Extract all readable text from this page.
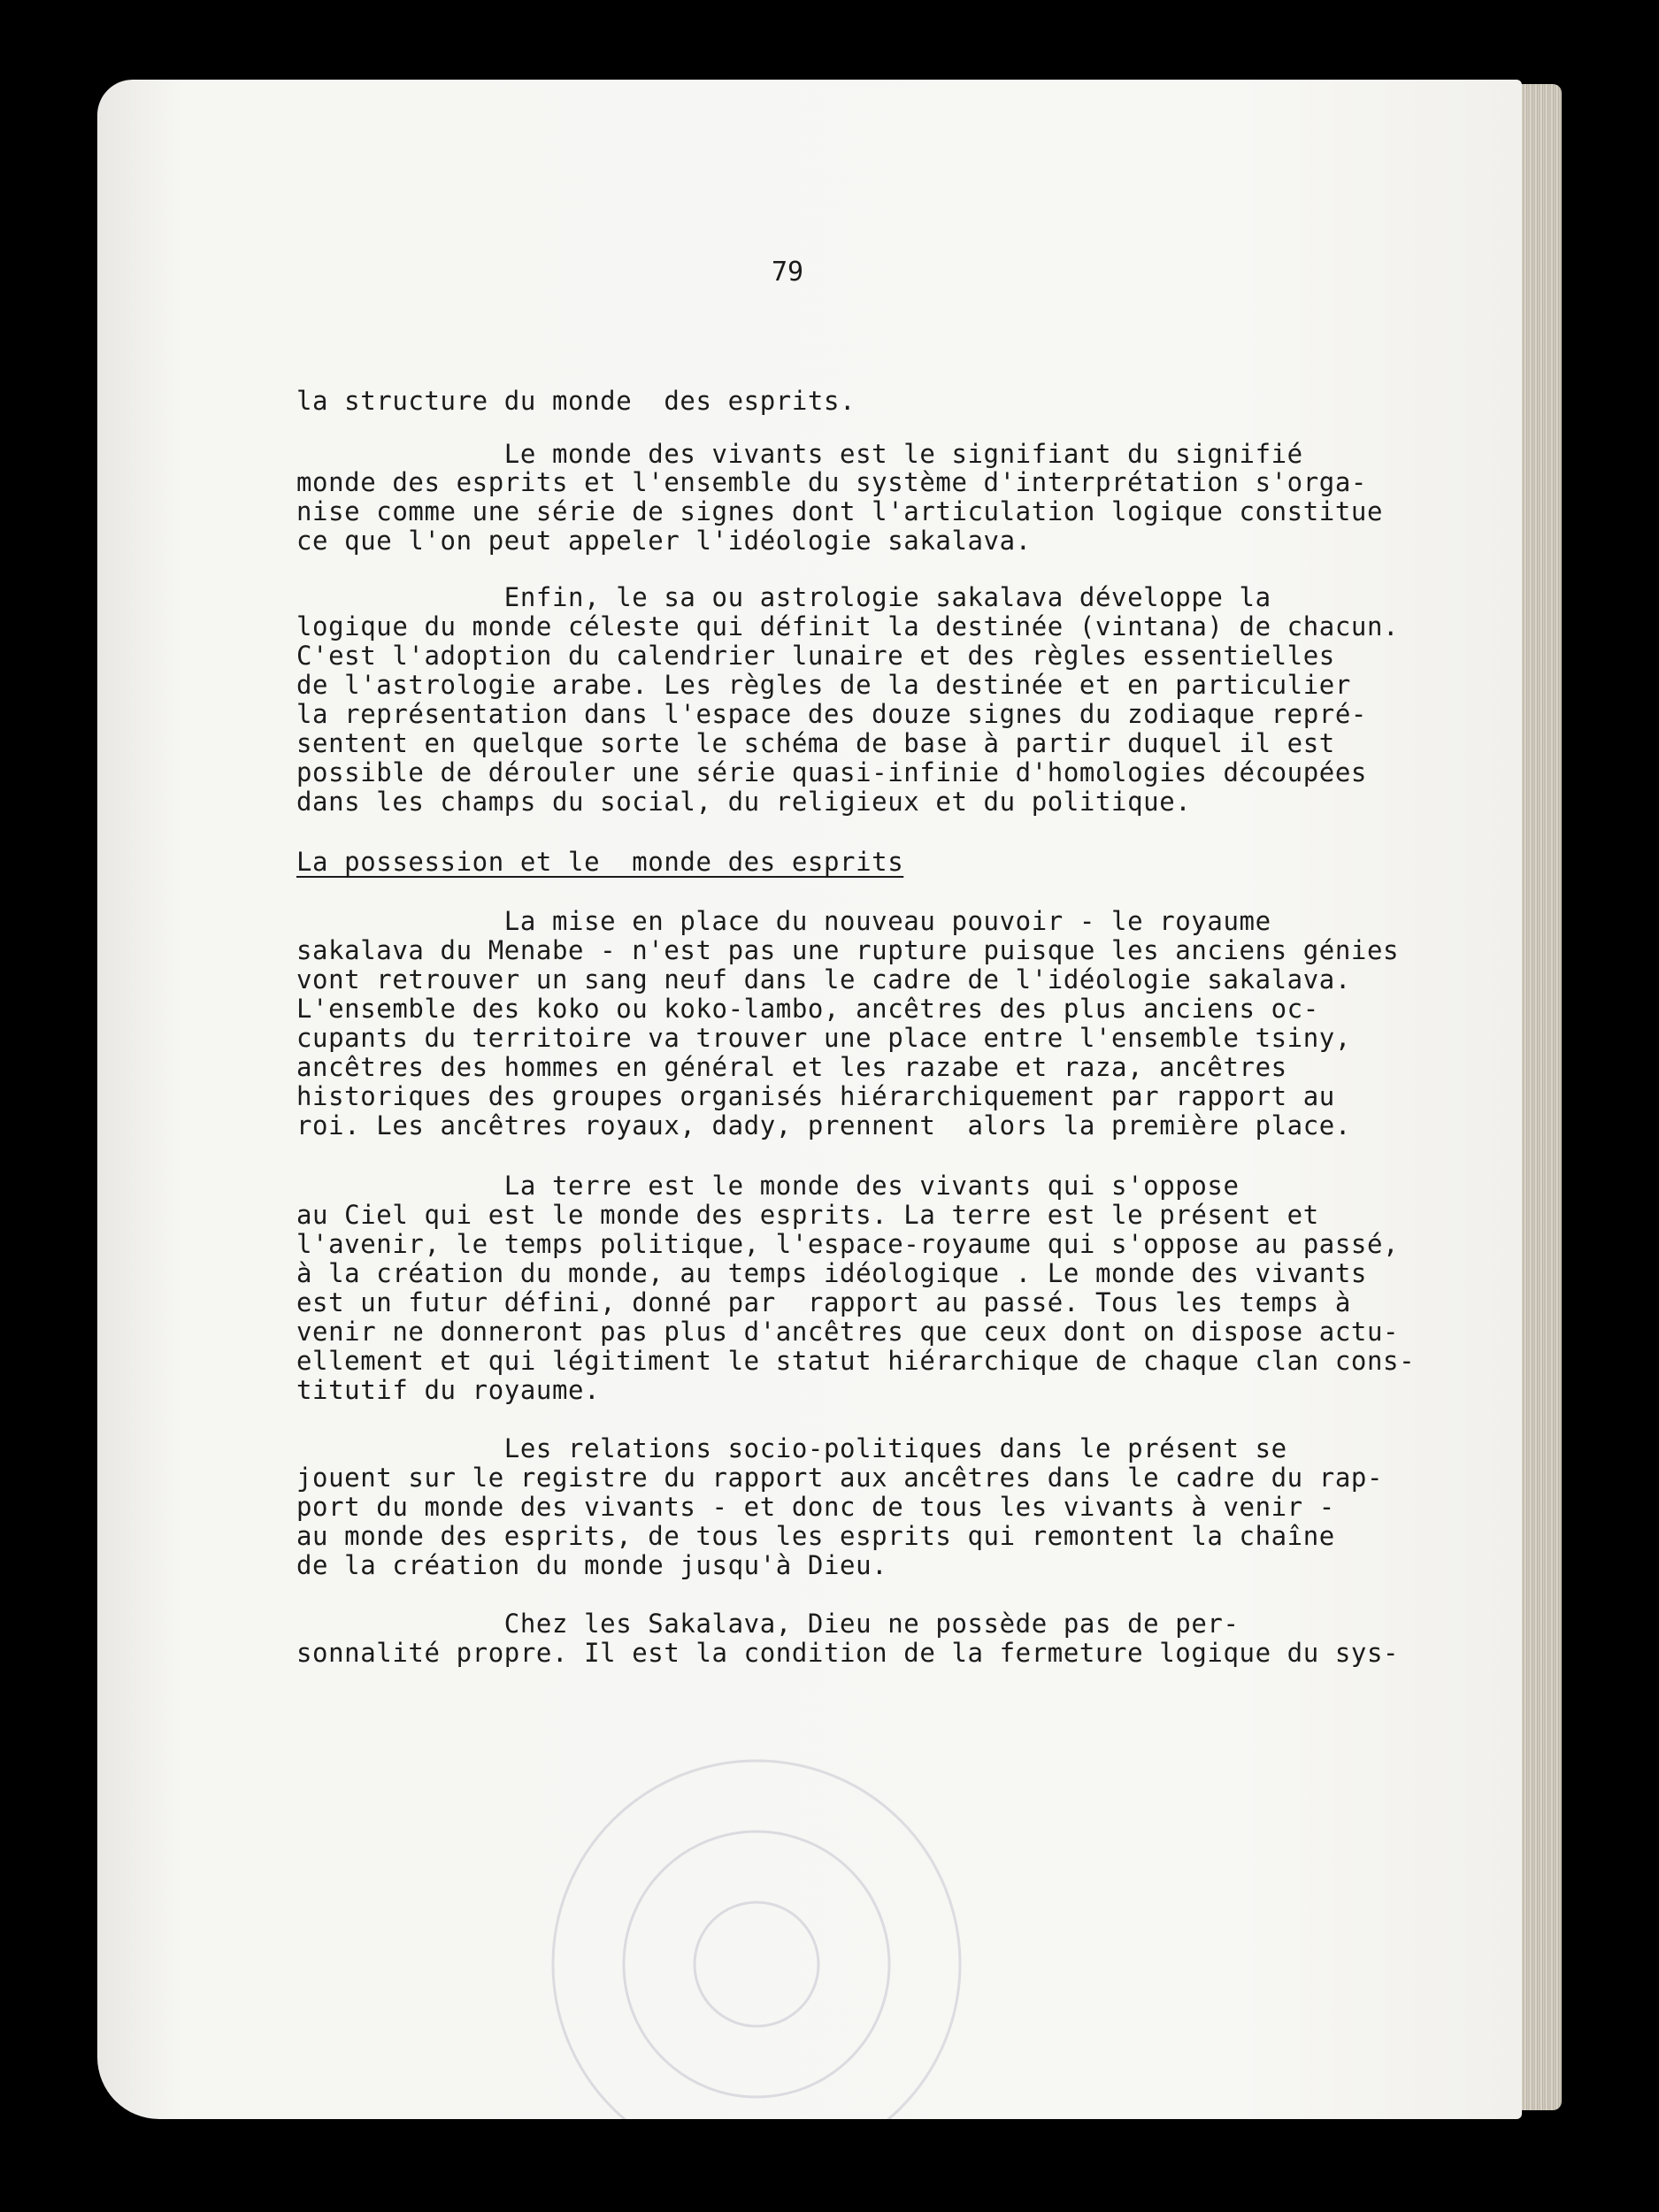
79
la structure du monde  des esprits.
Le monde des vivants est le signifiant du signifié
monde des esprits et l'ensemble du système d'interprétation s'orga-
nise comme une série de signes dont l'articulation logique constitue
ce que l'on peut appeler l'idéologie sakalava.
Enfin, le sa ou astrologie sakalava développe la
logique du monde céleste qui définit la destinée (vintana) de chacun.
C'est l'adoption du calendrier lunaire et des règles essentielles
de l'astrologie arabe. Les règles de la destinée et en particulier
la représentation dans l'espace des douze signes du zodiaque repré-
sentent en quelque sorte le schéma de base à partir duquel il est
possible de dérouler une série quasi-infinie d'homologies découpées
dans les champs du social, du religieux et du politique.
La possession et le  monde des esprits
La mise en place du nouveau pouvoir - le royaume
sakalava du Menabe - n'est pas une rupture puisque les anciens génies
vont retrouver un sang neuf dans le cadre de l'idéologie sakalava.
L'ensemble des koko ou koko-lambo, ancêtres des plus anciens oc-
cupants du territoire va trouver une place entre l'ensemble tsiny,
ancêtres des hommes en général et les razabe et raza, ancêtres
historiques des groupes organisés hiérarchiquement par rapport au
roi. Les ancêtres royaux, dady, prennent  alors la première place.
La terre est le monde des vivants qui s'oppose
au Ciel qui est le monde des esprits. La terre est le présent et
l'avenir, le temps politique, l'espace-royaume qui s'oppose au passé,
à la création du monde, au temps idéologique . Le monde des vivants
est un futur défini, donné par  rapport au passé. Tous les temps à
venir ne donneront pas plus d'ancêtres que ceux dont on dispose actu-
ellement et qui légitiment le statut hiérarchique de chaque clan cons-
titutif du royaume.
Les relations socio-politiques dans le présent se
jouent sur le registre du rapport aux ancêtres dans le cadre du rap-
port du monde des vivants - et donc de tous les vivants à venir -
au monde des esprits, de tous les esprits qui remontent la chaîne
de la création du monde jusqu'à Dieu.
Chez les Sakalava, Dieu ne possède pas de per-
sonnalité propre. Il est la condition de la fermeture logique du sys-
